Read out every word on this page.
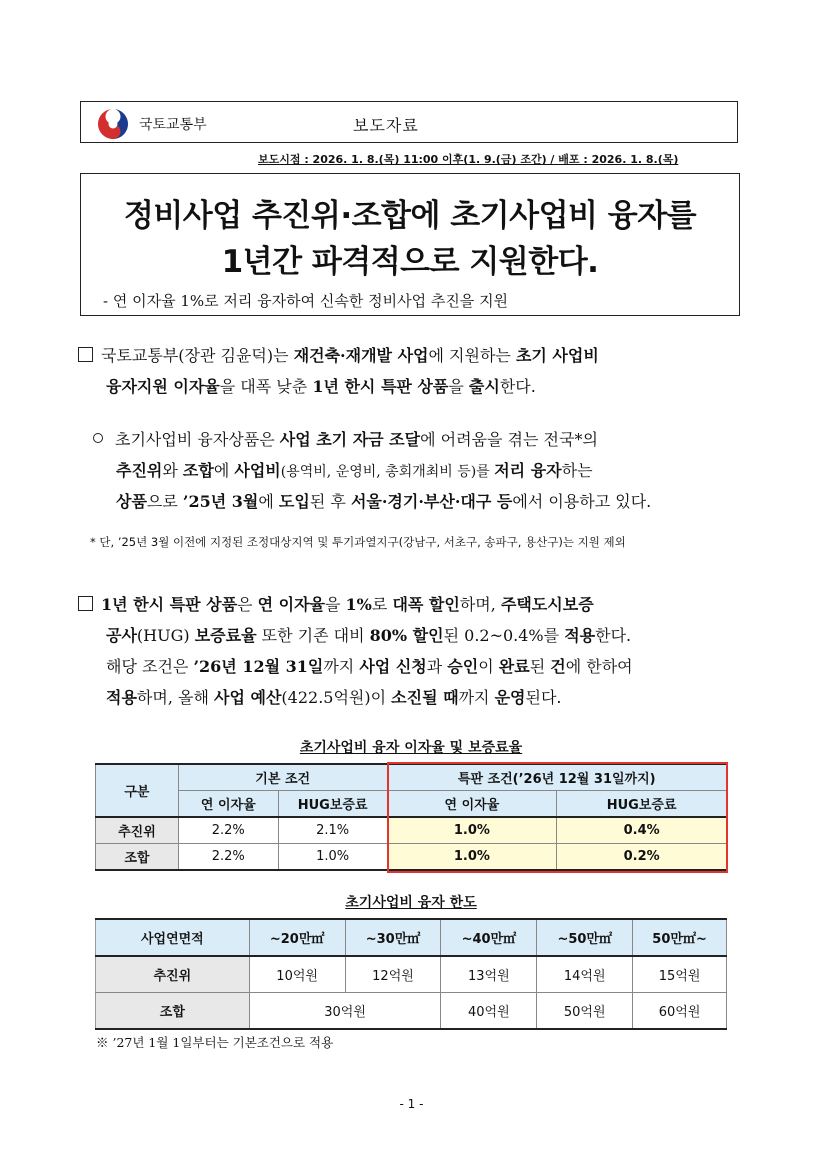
국토교통부	보도자료
보도시점 : 2026. 1. 8.(목) 11:00 이후(1. 9.(금) 조간) / 배포 : 2026. 1. 8.(목)
정비사업 추진위·조합에 초기사업비 융자를
1년간 파격적으로 지원한다.
- 연 이자율 1%로 저리 융자하여 신속한 정비사업 추진을 지원
국토교통부(장관 김윤덕)는 재건축·재개발 사업에 지원하는 초기 사업비
융자지원 이자율을 대폭 낮춘 1년 한시 특판 상품을 출시한다.
초기사업비 융자상품은 사업 초기 자금 조달에 어려움을 겪는 전국*의
추진위와 조합에 사업비(용역비, 운영비, 총회개최비 등)를 저리 융자하는
상품으로 ’25년 3월에 도입된 후 서울·경기·부산·대구 등에서 이용하고 있다.
* 단, ’25년 3월 이전에 지정된 조정대상지역 및 투기과열지구(강남구, 서초구, 송파구, 용산구)는 지원 제외
1년 한시 특판 상품은 연 이자율을 1%로 대폭 할인하며, 주택도시보증
공사(HUG) 보증료율 또한 기존 대비 80% 할인된 0.2~0.4%를 적용한다.
해당 조건은 ’26년 12월 31일까지 사업 신청과 승인이 완료된 건에 한하여
적용하며, 올해 사업 예산(422.5억원)이 소진될 때까지 운영된다.
초기사업비 융자 이자율 및 보증료율
구분	기본 조건		특판 조건(’26년 12월 31일까지)	
	연 이자율	HUG보증료	연 이자율	HUG보증료
추진위	2.2%	2.1%	1.0%	0.4%
조합	2.2%	1.0%	1.0%	0.2%
초기사업비 융자 한도
사업연면적	~20만㎡	~30만㎡	~40만㎡	~50만㎡	50만㎡~
추진위	10억원	12억원	13억원	14억원	15억원
조합	30억원		40억원	50억원	60억원
※ ’27년 1월 1일부터는 기본조건으로 적용
- 1 -
